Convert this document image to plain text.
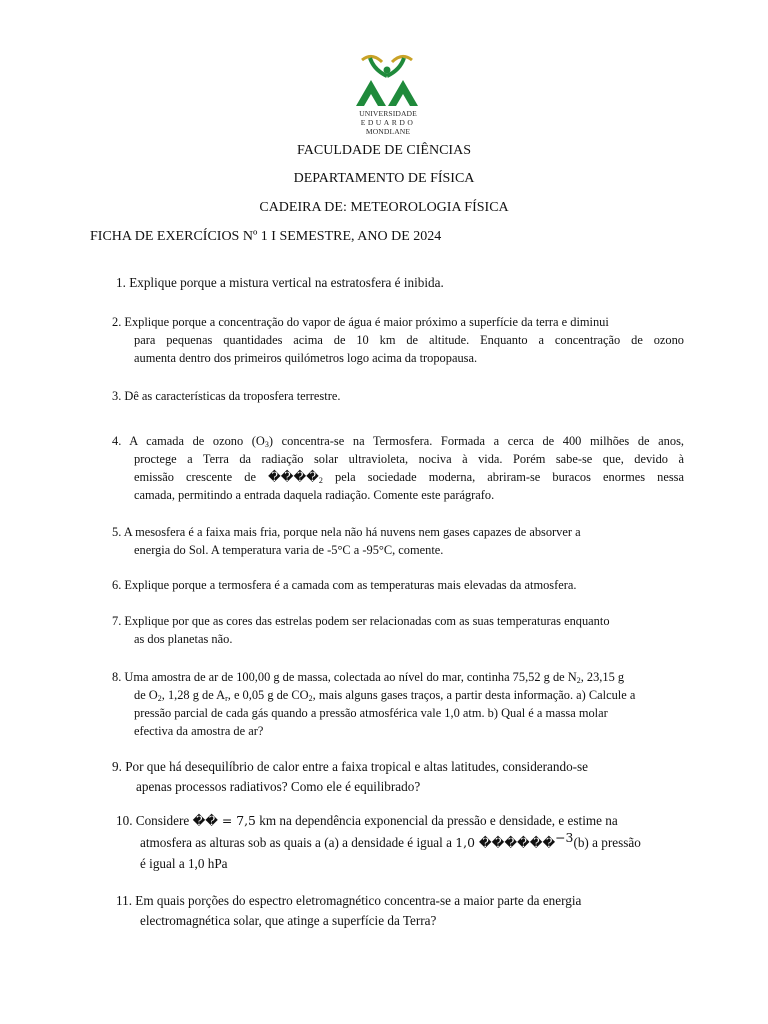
UNIVERSIDADE
EDUARDO
MONDLANE
FACULDADE DE CIÊNCIAS
DEPARTAMENTO DE FÍSICA
CADEIRA DE: METEOROLOGIA FÍSICA
FICHA DE EXERCÍCIOS Nº 1 I SEMESTRE, ANO DE 2024
1. Explique porque a mistura vertical na estratosfera é inibida.
2. Explique porque a concentração do vapor de água é maior próximo a superfície da terra e diminui
para pequenas quantidades acima de 10 km de altitude. Enquanto a concentração de ozono
aumenta dentro dos primeiros quilómetros logo acima da tropopausa.
3. Dê as características da troposfera terrestre.
4. A camada de ozono $(O_3)$ concentra-se na Termosfera. Formada a cerca de 400 milhões de anos,
proctege a Terra da radiação solar ultravioleta, nociva à vida. Porém sabe-se que, devido à
emissão crescente de $����_2$ pela sociedade moderna, abriram-se buracos enormes nessa
camada, permitindo a entrada daquela radiação. Comente este parágrafo.
5. A mesosfera é a faixa mais fria, porque nela não há nuvens nem gases capazes de absorver a
energia do Sol. A temperatura varia de -5°C a -95°C, comente.
6. Explique porque a termosfera é a camada com as temperaturas mais elevadas da atmosfera.
7. Explique por que as cores das estrelas podem ser relacionadas com as suas temperaturas enquanto
as dos planetas não.
8. Uma amostra de ar de 100,00 g de massa, colectada ao nível do mar, continha 75,52 g de $N_2$, 23,15 g
de $O_2$, 1,28 g de $A_r$, e 0,05 g de $CO_2$, mais alguns gases traços, a partir desta informação. a) Calcule a
pressão parcial de cada gás quando a pressão atmosférica vale 1,0 atm. b) Qual é a massa molar
efectiva da amostra de ar?
9. Por que há desequilíbrio de calor entre a faixa tropical e altas latitudes, considerando-se
apenas processos radiativos? Como ele é equilibrado?
10. Considere �� = 7,5 km na dependência exponencial da pressão e densidade, e estime na
atmosfera as alturas sob as quais a (a) a densidade é igual a 1,0 ������$^{-3}$(b) a pressão
é igual a 1,0 hPa
11. Em quais porções do espectro eletromagnético concentra-se a maior parte da energia
electromagnética solar, que atinge a superfície da Terra?
